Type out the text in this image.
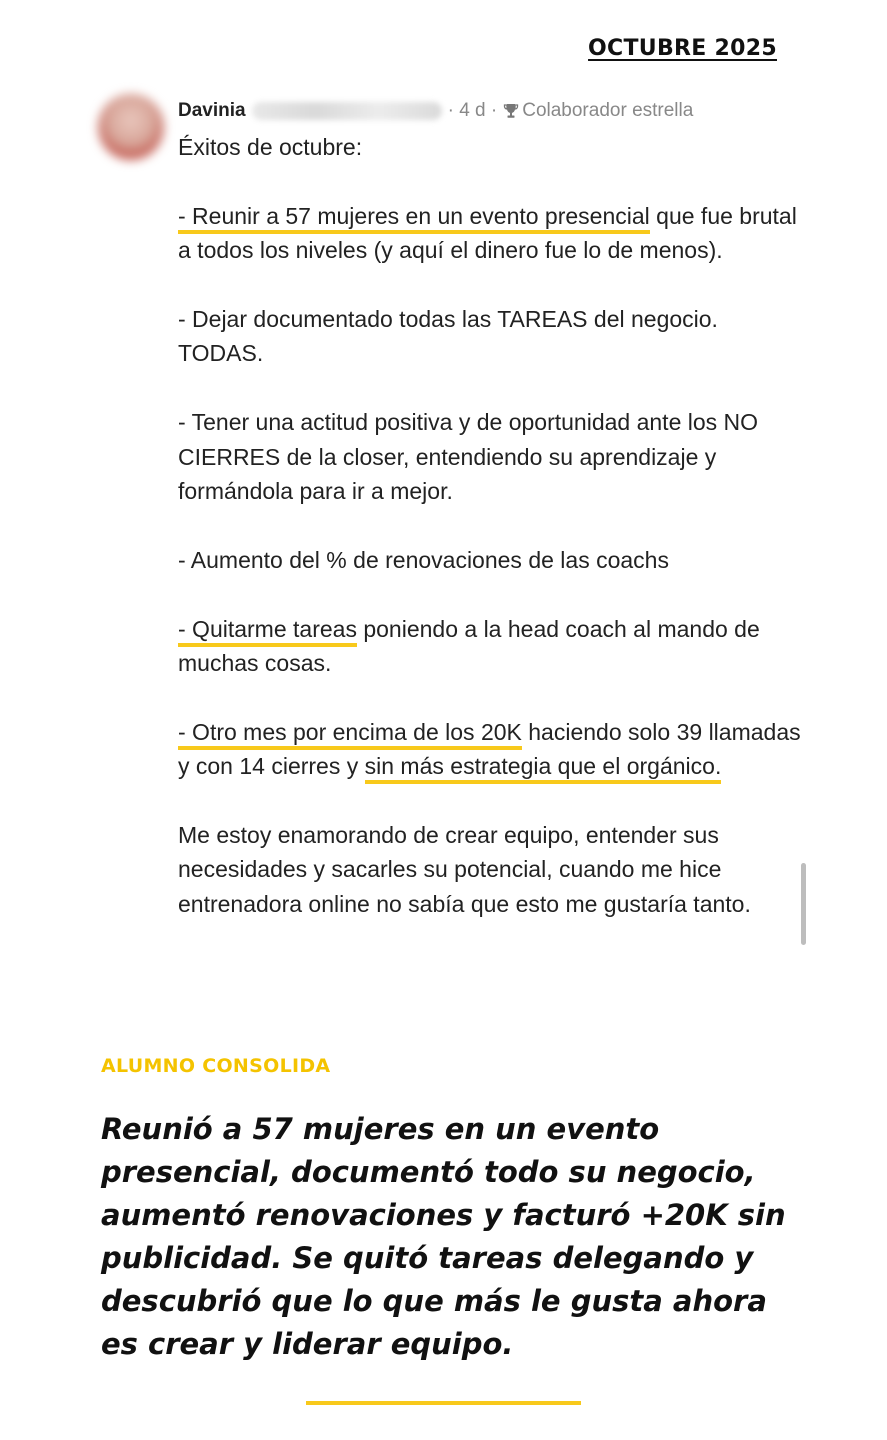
OCTUBRE 2025
Davinia	· 4 d · Colaborador estrella

Éxitos de octubre:

- Reunir a 57 mujeres en un evento presencial que fue brutal a todos los niveles (y aquí el dinero fue lo de menos).

- Dejar documentado todas las TAREAS del negocio. TODAS.

- Tener una actitud positiva y de oportunidad ante los NO CIERRES de la closer, entendiendo su aprendizaje y formándola para ir a mejor.

- Aumento del % de renovaciones de las coachs

- Quitarme tareas poniendo a la head coach al mando de muchas cosas.

- Otro mes por encima de los 20K haciendo solo 39 llamadas y con 14 cierres y sin más estrategia que el orgánico.

Me estoy enamorando de crear equipo, entender sus necesidades y sacarles su potencial, cuando me hice entrenadora online no sabía que esto me gustaría tanto.

ALUMNO CONSOLIDA
Reunió a 57 mujeres en un evento presencial, documentó todo su negocio, aumentó renovaciones y facturó +20K sin publicidad. Se quitó tareas delegando y descubrió que lo que más le gusta ahora es crear y liderar equipo.
